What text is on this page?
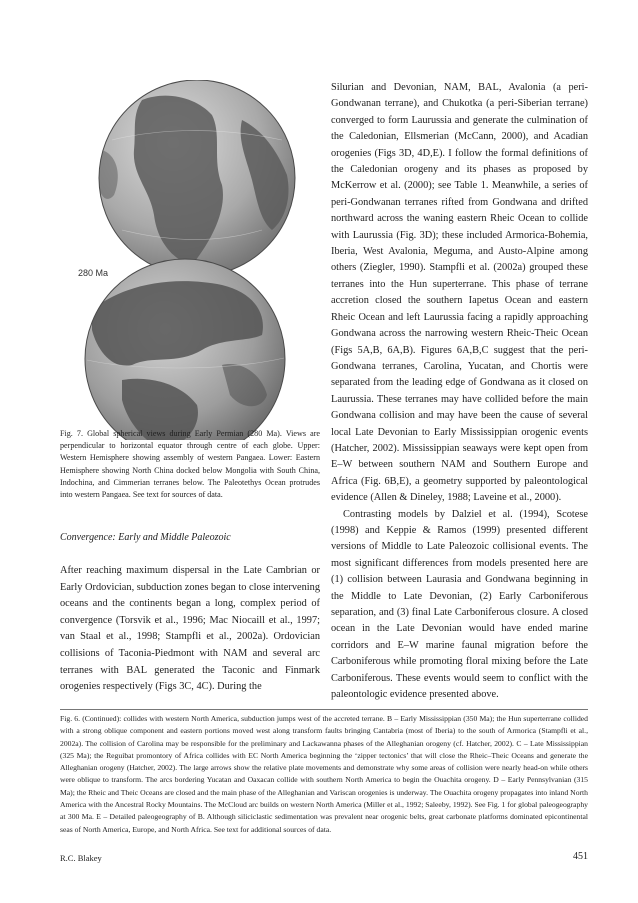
280 Ma
Fig. 7. Global spherical views during Early Permian (280 Ma). Views are perpendicular to horizontal equator through centre of each globe. Upper: Western Hemisphere showing assembly of western Pangaea. Lower: Eastern Hemisphere showing North China docked below Mongolia with South China, Indochina, and Cimmerian terranes below. The Paleotethys Ocean protrudes into western Pangaea. See text for sources of data.
Convergence: Early and Middle Paleozoic

After reaching maximum dispersal in the Late Cambrian or Early Ordovician, subduction zones began to close intervening oceans and the continents began a long, complex period of convergence (Torsvik et al., 1996; Mac Niocaill et al., 1997; van Staal et al., 1998; Stampfli et al., 2002a). Ordovician collisions of Taconia-Piedmont with NAM and several arc terranes with BAL generated the Taconic and Finmark orogenies respectively (Figs 3C, 4C). During the

Silurian and Devonian, NAM, BAL, Avalonia (a peri-Gondwanan terrane), and Chukotka (a peri-Siberian terrane) converged to form Laurussia and generate the culmination of the Caledonian, Ellsmerian (McCann, 2000), and Acadian orogenies (Figs 3D, 4D,E). I follow the formal definitions of the Caledonian orogeny and its phases as proposed by McKerrow et al. (2000); see Table 1. Meanwhile, a series of peri-Gondwanan terranes rifted from Gondwana and drifted northward across the waning eastern Rheic Ocean to collide with Laurussia (Fig. 3D); these included Armorica-Bohemia, Iberia, West Avalonia, Meguma, and Austo-Alpine among others (Ziegler, 1990). Stampfli et al. (2002a) grouped these terranes into the Hun superterrane. This phase of terrane accretion closed the southern Iapetus Ocean and eastern Rheic Ocean and left Laurussia facing a rapidly approaching Gondwana across the narrowing western Rheic-Theic Ocean (Figs 5A,B, 6A,B). Figures 6A,B,C suggest that the peri-Gondwana terranes, Carolina, Yucatan, and Chortis were separated from the leading edge of Gondwana as it closed on Laurussia. These terranes may have collided before the main Gondwana collision and may have been the cause of several local Late Devonian to Early Mississippian orogenic events (Hatcher, 2002). Mississippian seaways were kept open from E–W between southern NAM and Southern Europe and Africa (Fig. 6B,E), a geometry supported by paleontological evidence (Allen & Dineley, 1988; Laveine et al., 2000).

Contrasting models by Dalziel et al. (1994), Scotese (1998) and Keppie & Ramos (1999) presented different versions of Middle to Late Paleozoic collisional events. The most significant differences from models presented here are (1) collision between Laurasia and Gondwana beginning in the Middle to Late Devonian, (2) Early Carboniferous separation, and (3) final Late Carboniferous closure. A closed ocean in the Late Devonian would have ended marine corridors and E–W marine faunal migration before the Carboniferous while promoting floral mixing before the Late Carboniferous. These events would seem to conflict with the paleontologic evidence presented above.

Fig. 6. (Continued): collides with western North America, subduction jumps west of the accreted terrane. B – Early Mississippian (350 Ma); the Hun superterrane collided with a strong oblique component and eastern portions moved west along transform faults bringing Cantabria (most of Iberia) to the south of Armorica (Stampfli et al., 2002a). The collision of Carolina may be responsible for the preliminary and Lackawanna phases of the Alleghanian orogeny (cf. Hatcher, 2002). C – Late Mississippian (325 Ma); the Reguibat promontory of Africa collides with EC North America beginning the ‘zipper tectonics’ that will close the Rheic–Theic Oceans and generate the Alleghanian orogeny (Hatcher, 2002). The large arrows show the relative plate movements and demonstrate why some areas of collision were nearly head-on while others were oblique to transform. The arcs bordering Yucatan and Oaxacan collide with southern North America to begin the Ouachita orogeny. D – Early Pennsylvanian (315 Ma); the Rheic and Theic Oceans are closed and the main phase of the Alleghanian and Variscan orogenies is underway. The Ouachita orogeny propagates into inland North America with the Ancestral Rocky Mountains. The McCloud arc builds on western North America (Miller et al., 1992; Saleeby, 1992). See Fig. 1 for global paleogeography at 300 Ma. E – Detailed paleogeography of B. Although siliciclastic sedimentation was prevalent near orogenic belts, great carbonate platforms dominated epicontinental seas of North America, Europe, and North Africa. See text for additional sources of data.
R.C. Blakey	451
